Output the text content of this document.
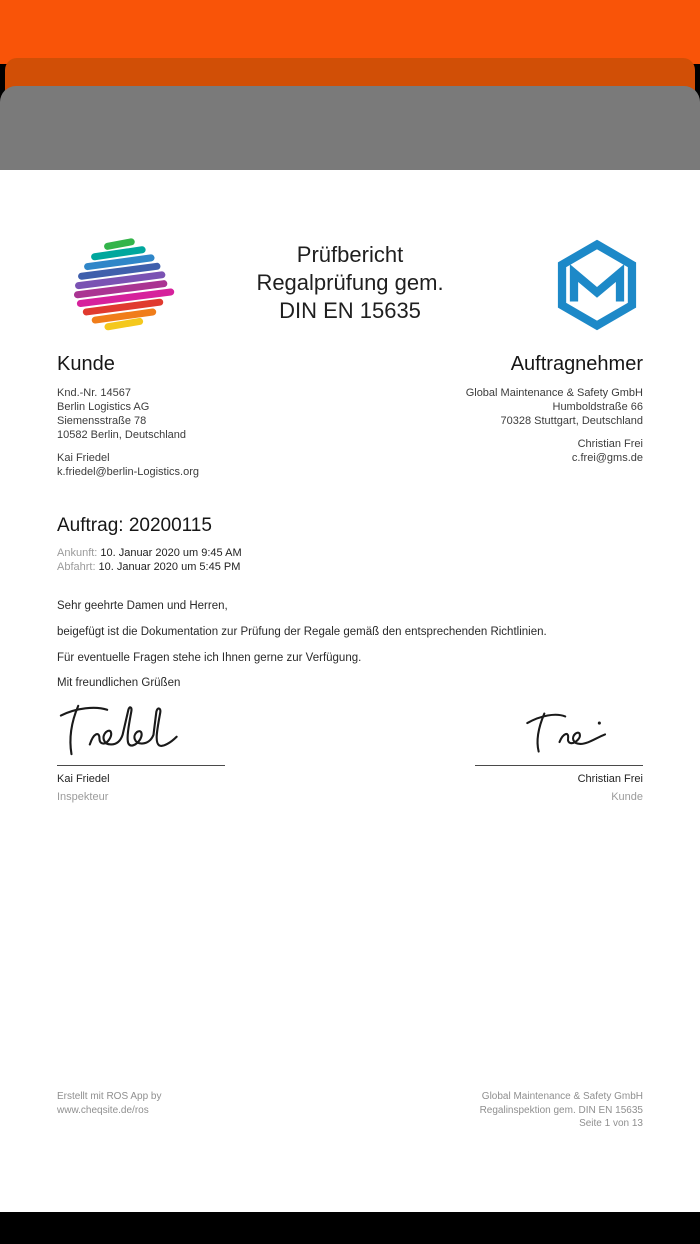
Prüfbericht
Regalprüfung gem.
DIN EN 15635
Kunde
Knd.-Nr. 14567
Berlin Logistics AG
Siemensstraße 78
10582 Berlin, Deutschland
Kai Friedel
k.friedel@berlin-Logistics.org
Auftragnehmer
Global Maintenance & Safety GmbH
Humboldstraße 66
70328 Stuttgart, Deutschland
Christian Frei
c.frei@gms.de
Auftrag: 20200115
Ankunft: 10. Januar 2020 um 9:45 AM
Abfahrt: 10. Januar 2020 um 5:45 PM
Sehr geehrte Damen und Herren,
beigefügt ist die Dokumentation zur Prüfung der Regale gemäß den entsprechenden Richtlinien.
Für eventuelle Fragen stehe ich Ihnen gerne zur Verfügung.
Mit freundlichen Grüßen
Kai Friedel
Inspekteur
Christian Frei
Kunde
Erstellt mit ROS App by
www.cheqsite.de/ros
Global Maintenance & Safety GmbH
Regalinspektion gem. DIN EN 15635
Seite 1 von 13
